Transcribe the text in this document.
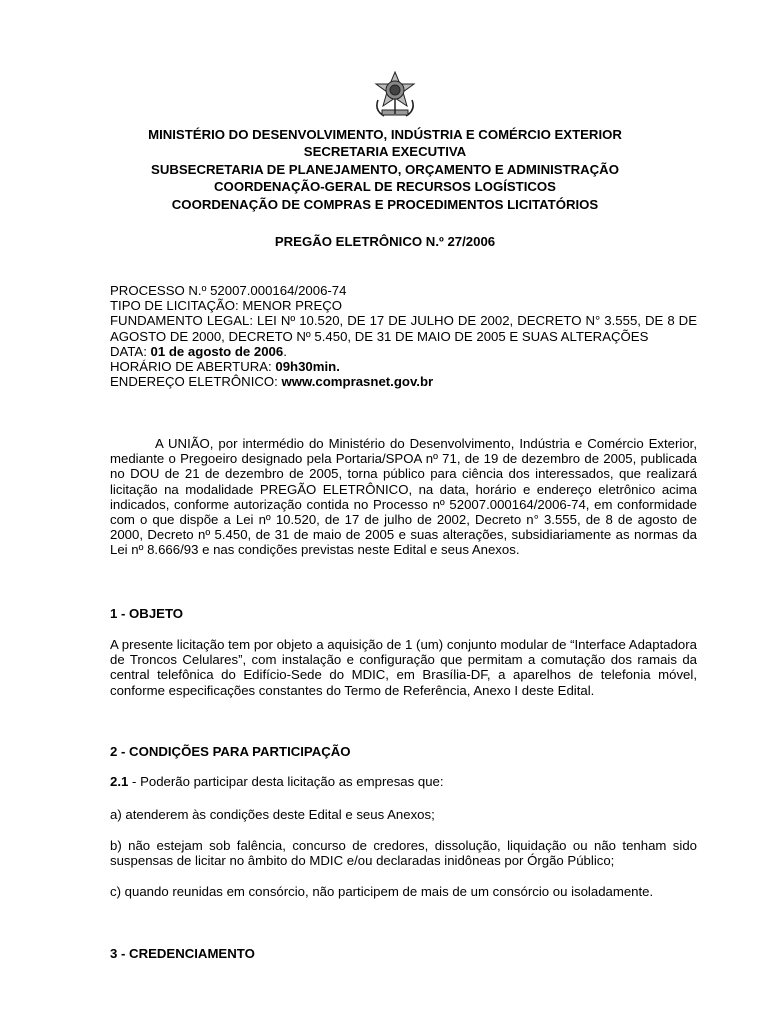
MINISTÉRIO DO DESENVOLVIMENTO, INDÚSTRIA E COMÉRCIO EXTERIOR
SECRETARIA EXECUTIVA
SUBSECRETARIA DE PLANEJAMENTO, ORÇAMENTO E ADMINISTRAÇÃO
COORDENAÇÃO-GERAL DE RECURSOS LOGÍSTICOS
COORDENAÇÃO DE COMPRAS E PROCEDIMENTOS LICITATÓRIOS
PREGÃO ELETRÔNICO N.º 27/2006
PROCESSO N.º 52007.000164/2006-74
TIPO DE LICITAÇÃO: MENOR PREÇO
FUNDAMENTO LEGAL: LEI Nº 10.520, DE 17 DE JULHO DE 2002, DECRETO N° 3.555, DE 8 DE AGOSTO DE 2000, DECRETO Nº 5.450, DE 31 DE MAIO DE 2005 E SUAS ALTERAÇÕES
DATA: 01 de agosto de 2006.
HORÁRIO DE ABERTURA: 09h30min.
ENDEREÇO ELETRÔNICO: www.comprasnet.gov.br
A UNIÃO, por intermédio do Ministério do Desenvolvimento, Indústria e Comércio Exterior, mediante o Pregoeiro designado pela Portaria/SPOA nº 71, de 19 de dezembro de 2005, publicada no DOU de 21 de dezembro de 2005, torna público para ciência dos interessados, que realizará licitação na modalidade PREGÃO ELETRÔNICO, na data, horário e endereço eletrônico acima indicados, conforme autorização contida no Processo nº 52007.000164/2006-74, em conformidade com o que dispõe a Lei nº 10.520, de 17 de julho de 2002, Decreto n° 3.555, de 8 de agosto de 2000, Decreto nº 5.450, de 31 de maio de 2005 e suas alterações, subsidiariamente as normas da Lei nº 8.666/93 e nas condições previstas neste Edital e seus Anexos.
1 - OBJETO
A presente licitação tem por objeto a aquisição de 1 (um) conjunto modular de “Interface Adaptadora de Troncos Celulares”, com instalação e configuração que permitam a comutação dos ramais da central telefônica do Edifício-Sede do MDIC, em Brasília-DF, a aparelhos de telefonia móvel, conforme especificações constantes do Termo de Referência, Anexo I deste Edital.
2 - CONDIÇÕES PARA PARTICIPAÇÃO
2.1 - Poderão participar desta licitação as empresas que:
a) atenderem às condições deste Edital e seus Anexos;
b) não estejam sob falência, concurso de credores, dissolução, liquidação ou não tenham sido suspensas de licitar no âmbito do MDIC e/ou declaradas inidôneas por Órgão Público;
c) quando reunidas em consórcio, não participem de mais de um consórcio ou isoladamente.
3 - CREDENCIAMENTO
